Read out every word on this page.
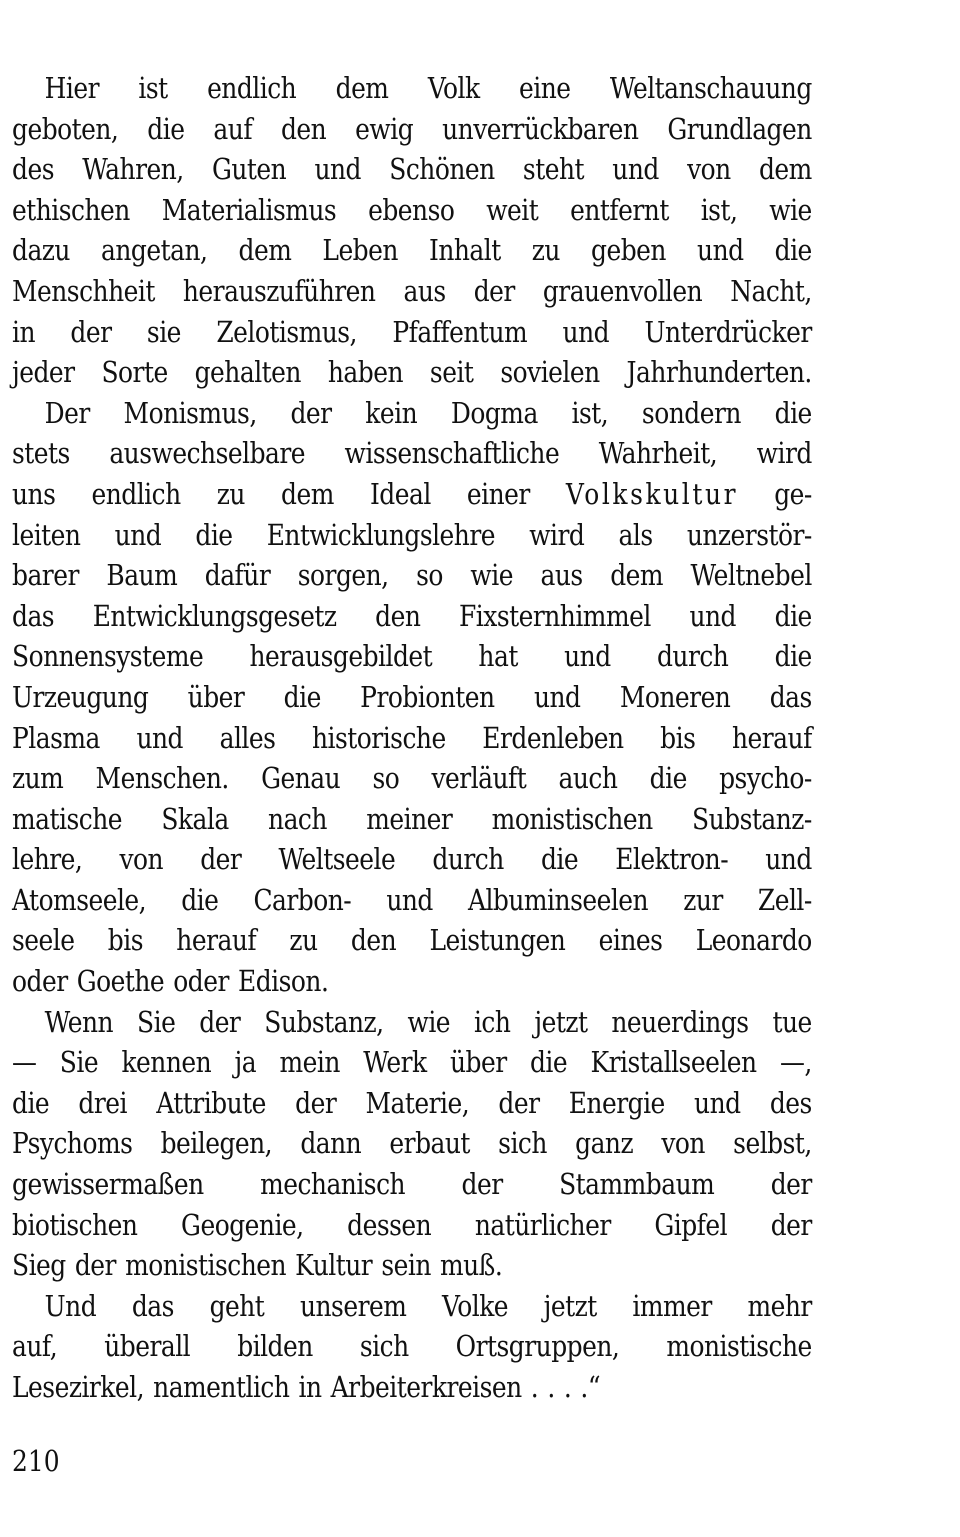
Hier ist endlich dem Volk eine Weltanschauung
geboten, die auf den ewig unverrückbaren Grundlagen
des Wahren, Guten und Schönen steht und von dem
ethischen Materialismus ebenso weit entfernt ist, wie
dazu angetan, dem Leben Inhalt zu geben und die
Menschheit herauszuführen aus der grauenvollen Nacht,
in der sie Zelotismus, Pfaffentum und Unterdrücker
jeder Sorte gehalten haben seit sovielen Jahrhunderten.
Der Monismus, der kein Dogma ist, sondern die
stets auswechselbare wissenschaftliche Wahrheit, wird
uns endlich zu dem Ideal einer Volkskultur ge-
leiten und die Entwicklungslehre wird als unzerstör-
barer Baum dafür sorgen, so wie aus dem Weltnebel
das Entwicklungsgesetz den Fixsternhimmel und die
Sonnensysteme herausgebildet hat und durch die
Urzeugung über die Probionten und Moneren das
Plasma und alles historische Erdenleben bis herauf
zum Menschen. Genau so verläuft auch die psycho-
matische Skala nach meiner monistischen Substanz-
lehre, von der Weltseele durch die Elektron- und
Atomseele, die Carbon- und Albuminseelen zur Zell-
seele bis herauf zu den Leistungen eines Leonardo
oder Goethe oder Edison.
Wenn Sie der Substanz, wie ich jetzt neuerdings tue
— Sie kennen ja mein Werk über die Kristallseelen —,
die drei Attribute der Materie, der Energie und des
Psychoms beilegen, dann erbaut sich ganz von selbst,
gewissermaßen mechanisch der Stammbaum der
biotischen Geogenie, dessen natürlicher Gipfel der
Sieg der monistischen Kultur sein muß.
Und das geht unserem Volke jetzt immer mehr
auf, überall bilden sich Ortsgruppen, monistische
Lesezirkel, namentlich in Arbeiterkreisen . . . .“
210
